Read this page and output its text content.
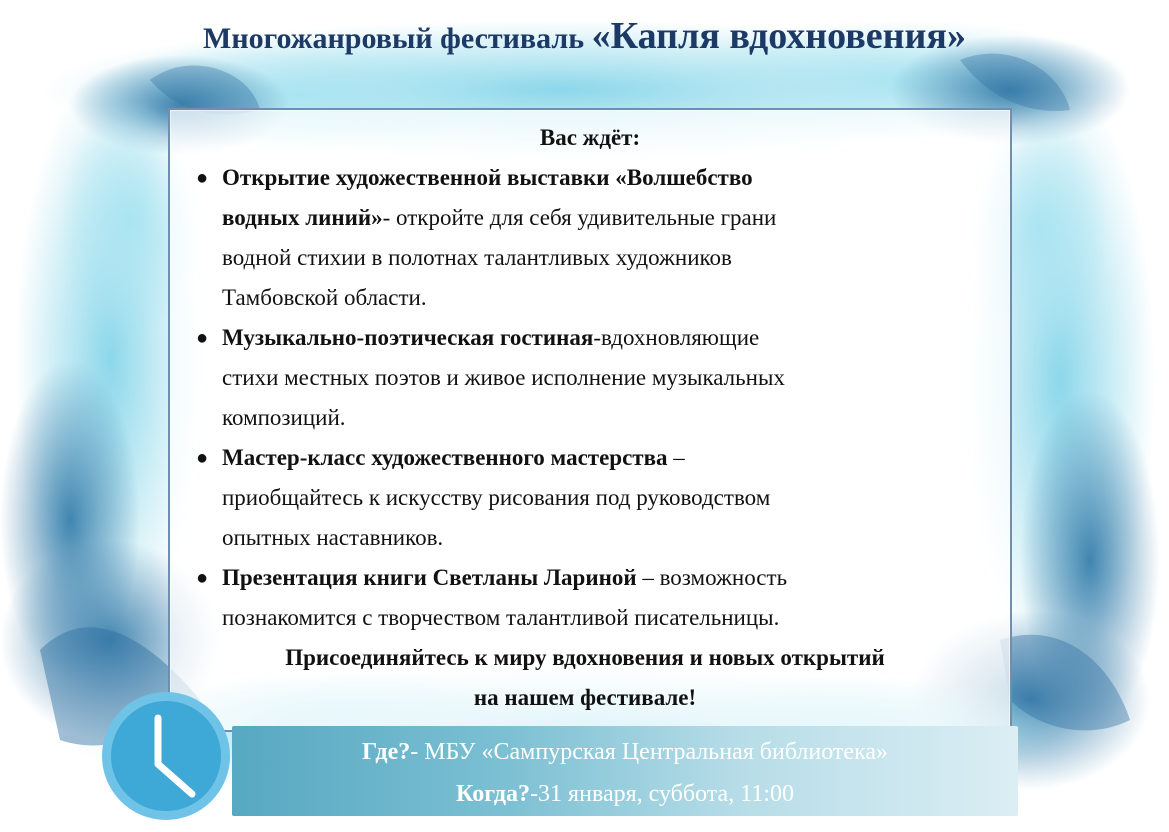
Многожанровый фестиваль «Капля вдохновения»
Вас ждёт:
● Открытие художественной выставки «Волшебство
водных линий»- откройте для себя удивительные грани
водной стихии в полотнах талантливых художников
Тамбовской области.
● Музыкально-поэтическая гостиная-вдохновляющие
стихи местных поэтов и живое исполнение музыкальных
композиций.
● Мастер-класс художественного мастерства –
приобщайтесь к искусству рисования под руководством
опытных наставников.
● Презентация книги Светланы Лариной – возможность
познакомится с творчеством талантливой писательницы.
Присоединяйтесь к миру вдохновения и новых открытий
на нашем фестивале!
Где?- МБУ «Сампурская Центральная библиотека»
Когда?-31 января, суббота, 11:00
